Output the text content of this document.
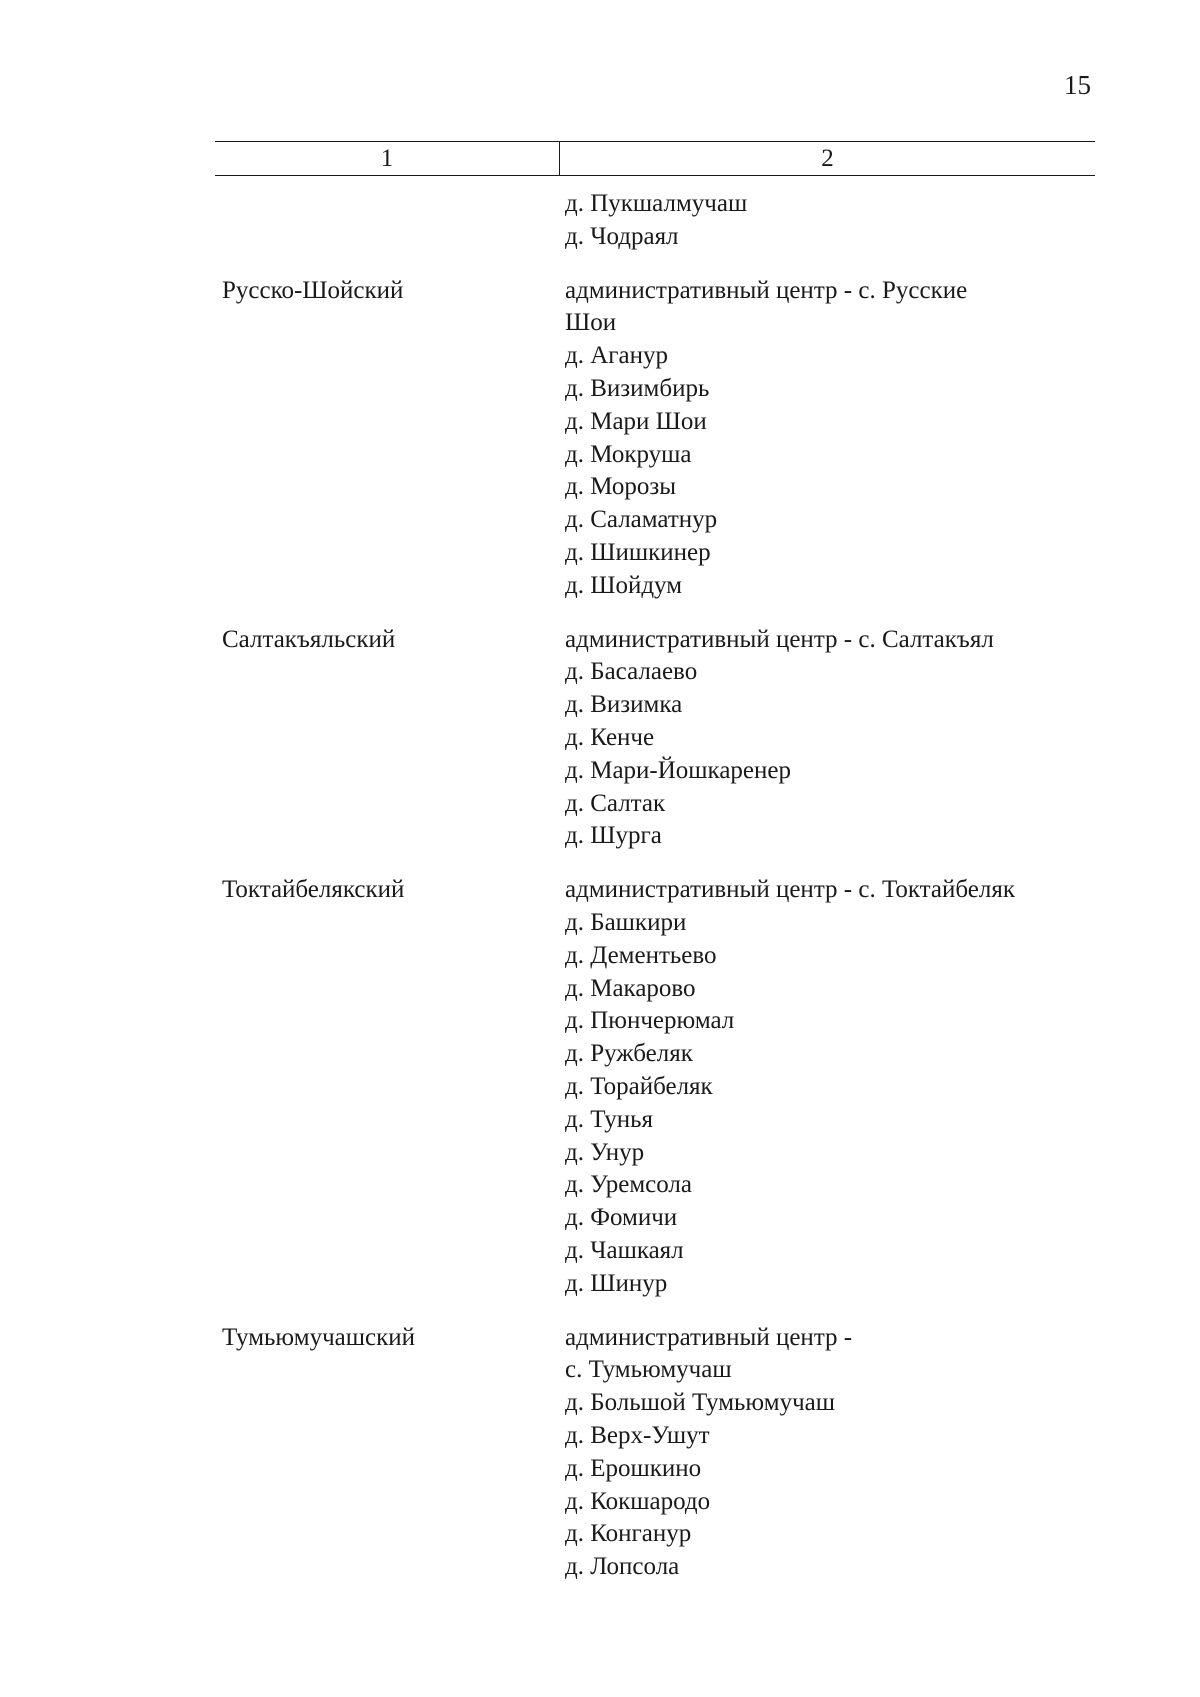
15
1	2

д. Пукшалмучаш
д. Чодраял

Русско-Шойский	административный центр - с. Русские
Шои
д. Аганур
д. Визимбирь
д. Мари Шои
д. Мокруша
д. Морозы
д. Саламатнур
д. Шишкинер
д. Шойдум

Салтакъяльский	административный центр - с. Салтакъял
д. Басалаево
д. Визимка
д. Кенче
д. Мари-Йошкаренер
д. Салтак
д. Шурга

Токтайбелякский	административный центр - с. Токтайбеляк
д. Башкири
д. Дементьево
д. Макарово
д. Пюнчерюмал
д. Ружбеляк
д. Торайбеляк
д. Тунья
д. Унур
д. Уремсола
д. Фомичи
д. Чашкаял
д. Шинур

Тумьюмучашский	административный центр -
с. Тумьюмучаш
д. Большой Тумьюмучаш
д. Верх-Ушут
д. Ерошкино
д. Кокшародо
д. Конганур
д. Лопсола
